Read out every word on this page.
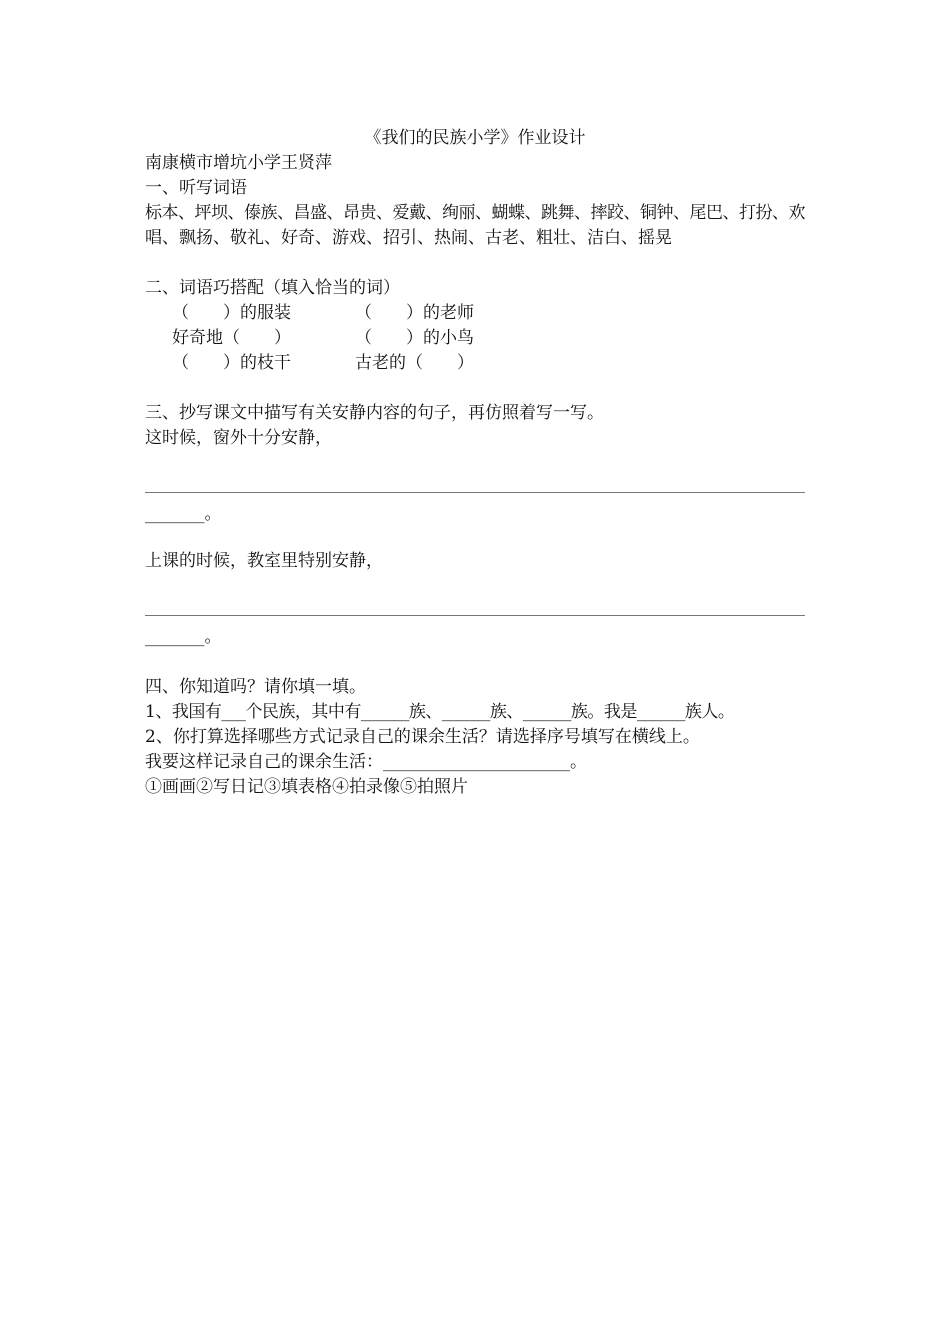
《我们的民族小学》作业设计
南康横市增坑小学王贤萍
一、听写词语
标本、坪坝、傣族、昌盛、昂贵、爱戴、绚丽、蝴蝶、跳舞、摔跤、铜钟、尾巴、打扮、欢
唱、飘扬、敬礼、好奇、游戏、招引、热闹、古老、粗壮、洁白、摇晃
二、词语巧搭配（填入恰当的词）
（　　）的服装	（　　）的老师
好奇地（　　）	（　　）的小鸟
（　　）的枝干	古老的（　　）
三、抄写课文中描写有关安静内容的句子，再仿照着写一写。
这时候，窗外十分安静，
_______。
上课的时候，教室里特别安静，
_______。
四、你知道吗？请你填一填。
1、我国有___个民族，其中有______族、______族、______族。我是______族人。
2、你打算选择哪些方式记录自己的课余生活？请选择序号填写在横线上。
我要这样记录自己的课余生活：______________________。
①画画②写日记③填表格④拍录像⑤拍照片
